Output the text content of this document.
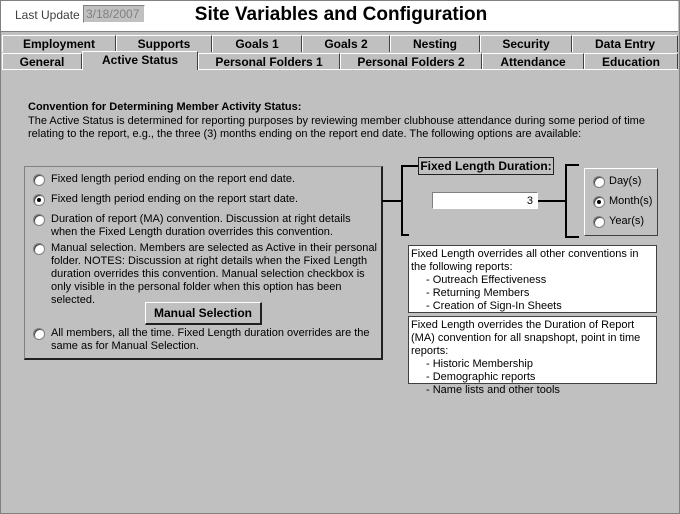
Last Update 3/18/2007	Site Variables and Configuration
Employment	Supports	Goals 1	Goals 2	Nesting	Security	Data Entry
General	Active Status	Personal Folders 1	Personal Folders 2	Attendance	Education
Convention for Determining Member Activity Status:
The Active Status is determined for reporting purposes by reviewing member clubhouse attendance during some period of time relating to the report, e.g., the three (3) months ending on the report end date. The following options are available:
Fixed length period ending on the report end date.
Fixed length period ending on the report start date.
Duration of report (MA) convention. Discussion at right details when the Fixed Length duration overrides this convention.
Manual selection. Members are selected as Active in their personal folder. NOTES: Discussion at right details when the Fixed Length duration overrides this convention. Manual selection checkbox is only visible in the personal folder when this option has been selected.
Manual Selection
All members, all the time. Fixed Length duration overrides are the same as for Manual Selection.
Fixed Length Duration:
3
Day(s)
Month(s)
Year(s)
Fixed Length overrides all other conventions in the following reports:
- Outreach Effectiveness
- Returning Members
- Creation of Sign-In Sheets
Fixed Length overrides the Duration of Report (MA) convention for all snapshopt, point in time reports:
- Historic Membership
- Demographic reports
- Name lists and other tools
